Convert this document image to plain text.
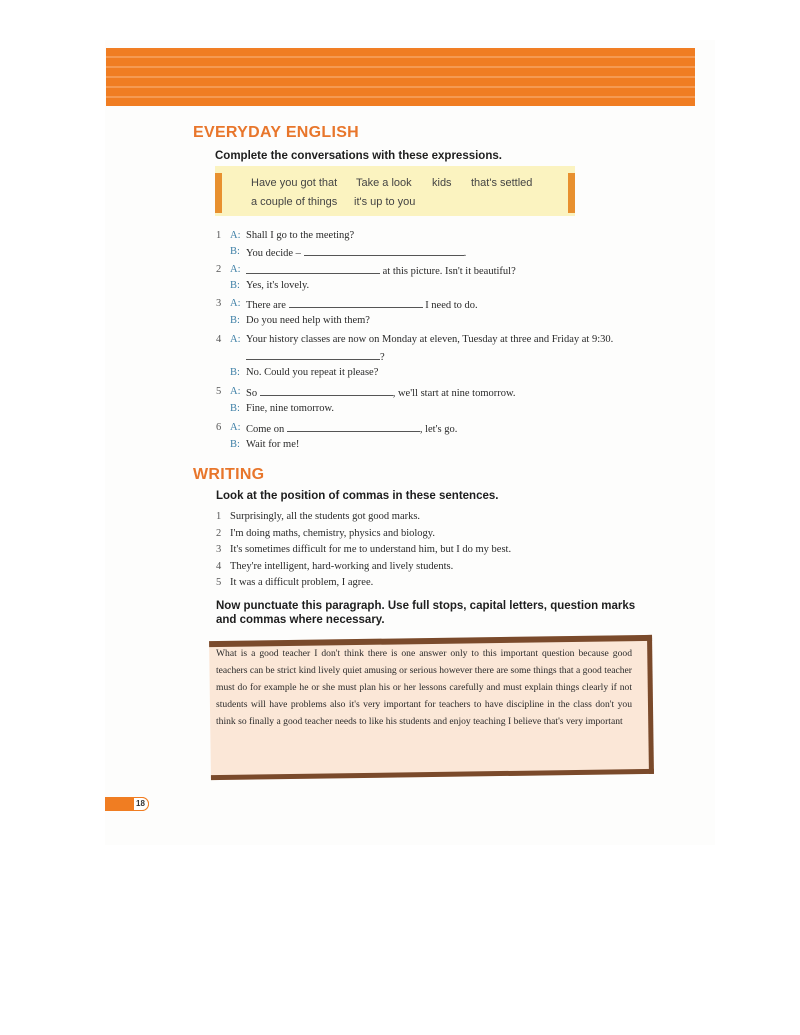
EVERYDAY ENGLISH

Complete the conversations with these expressions.

Have you got that Take a look kids that's settled
a couple of things it's up to you
1 A: Shall I go to the meeting?
B: You decide –	.
2 A:	at this picture. Isn't it beautiful?
B: Yes, it's lovely.
3 A: There are	I need to do.
B: Do you need help with them?
4 A: Your history classes are now on Monday at eleven, Tuesday at three and Friday at 9:30.
?
B: No. Could you repeat it please?
5 A: So	, we'll start at nine tomorrow.
B: Fine, nine tomorrow.
6 A: Come on	, let's go.
B: Wait for me!
WRITING

Look at the position of commas in these sentences.

1 Surprisingly, all the students got good marks.
2 I'm doing maths, chemistry, physics and biology.
3 It's sometimes difficult for me to understand him, but I do my best.
4 They're intelligent, hard-working and lively students.
5 It was a difficult problem, I agree.

Now punctuate this paragraph. Use full stops, capital letters, question marks and commas where necessary.

What is a good teacher I don't think there is one answer only to this important question because good teachers can be strict kind lively quiet amusing or serious however there are some things that a good teacher must do for example he or she must plan his or her lessons carefully and must explain things clearly if not students will have problems also it's very important for teachers to have discipline in the class don't you think so finally a good teacher needs to like his students and enjoy teaching I believe that's very important
18
